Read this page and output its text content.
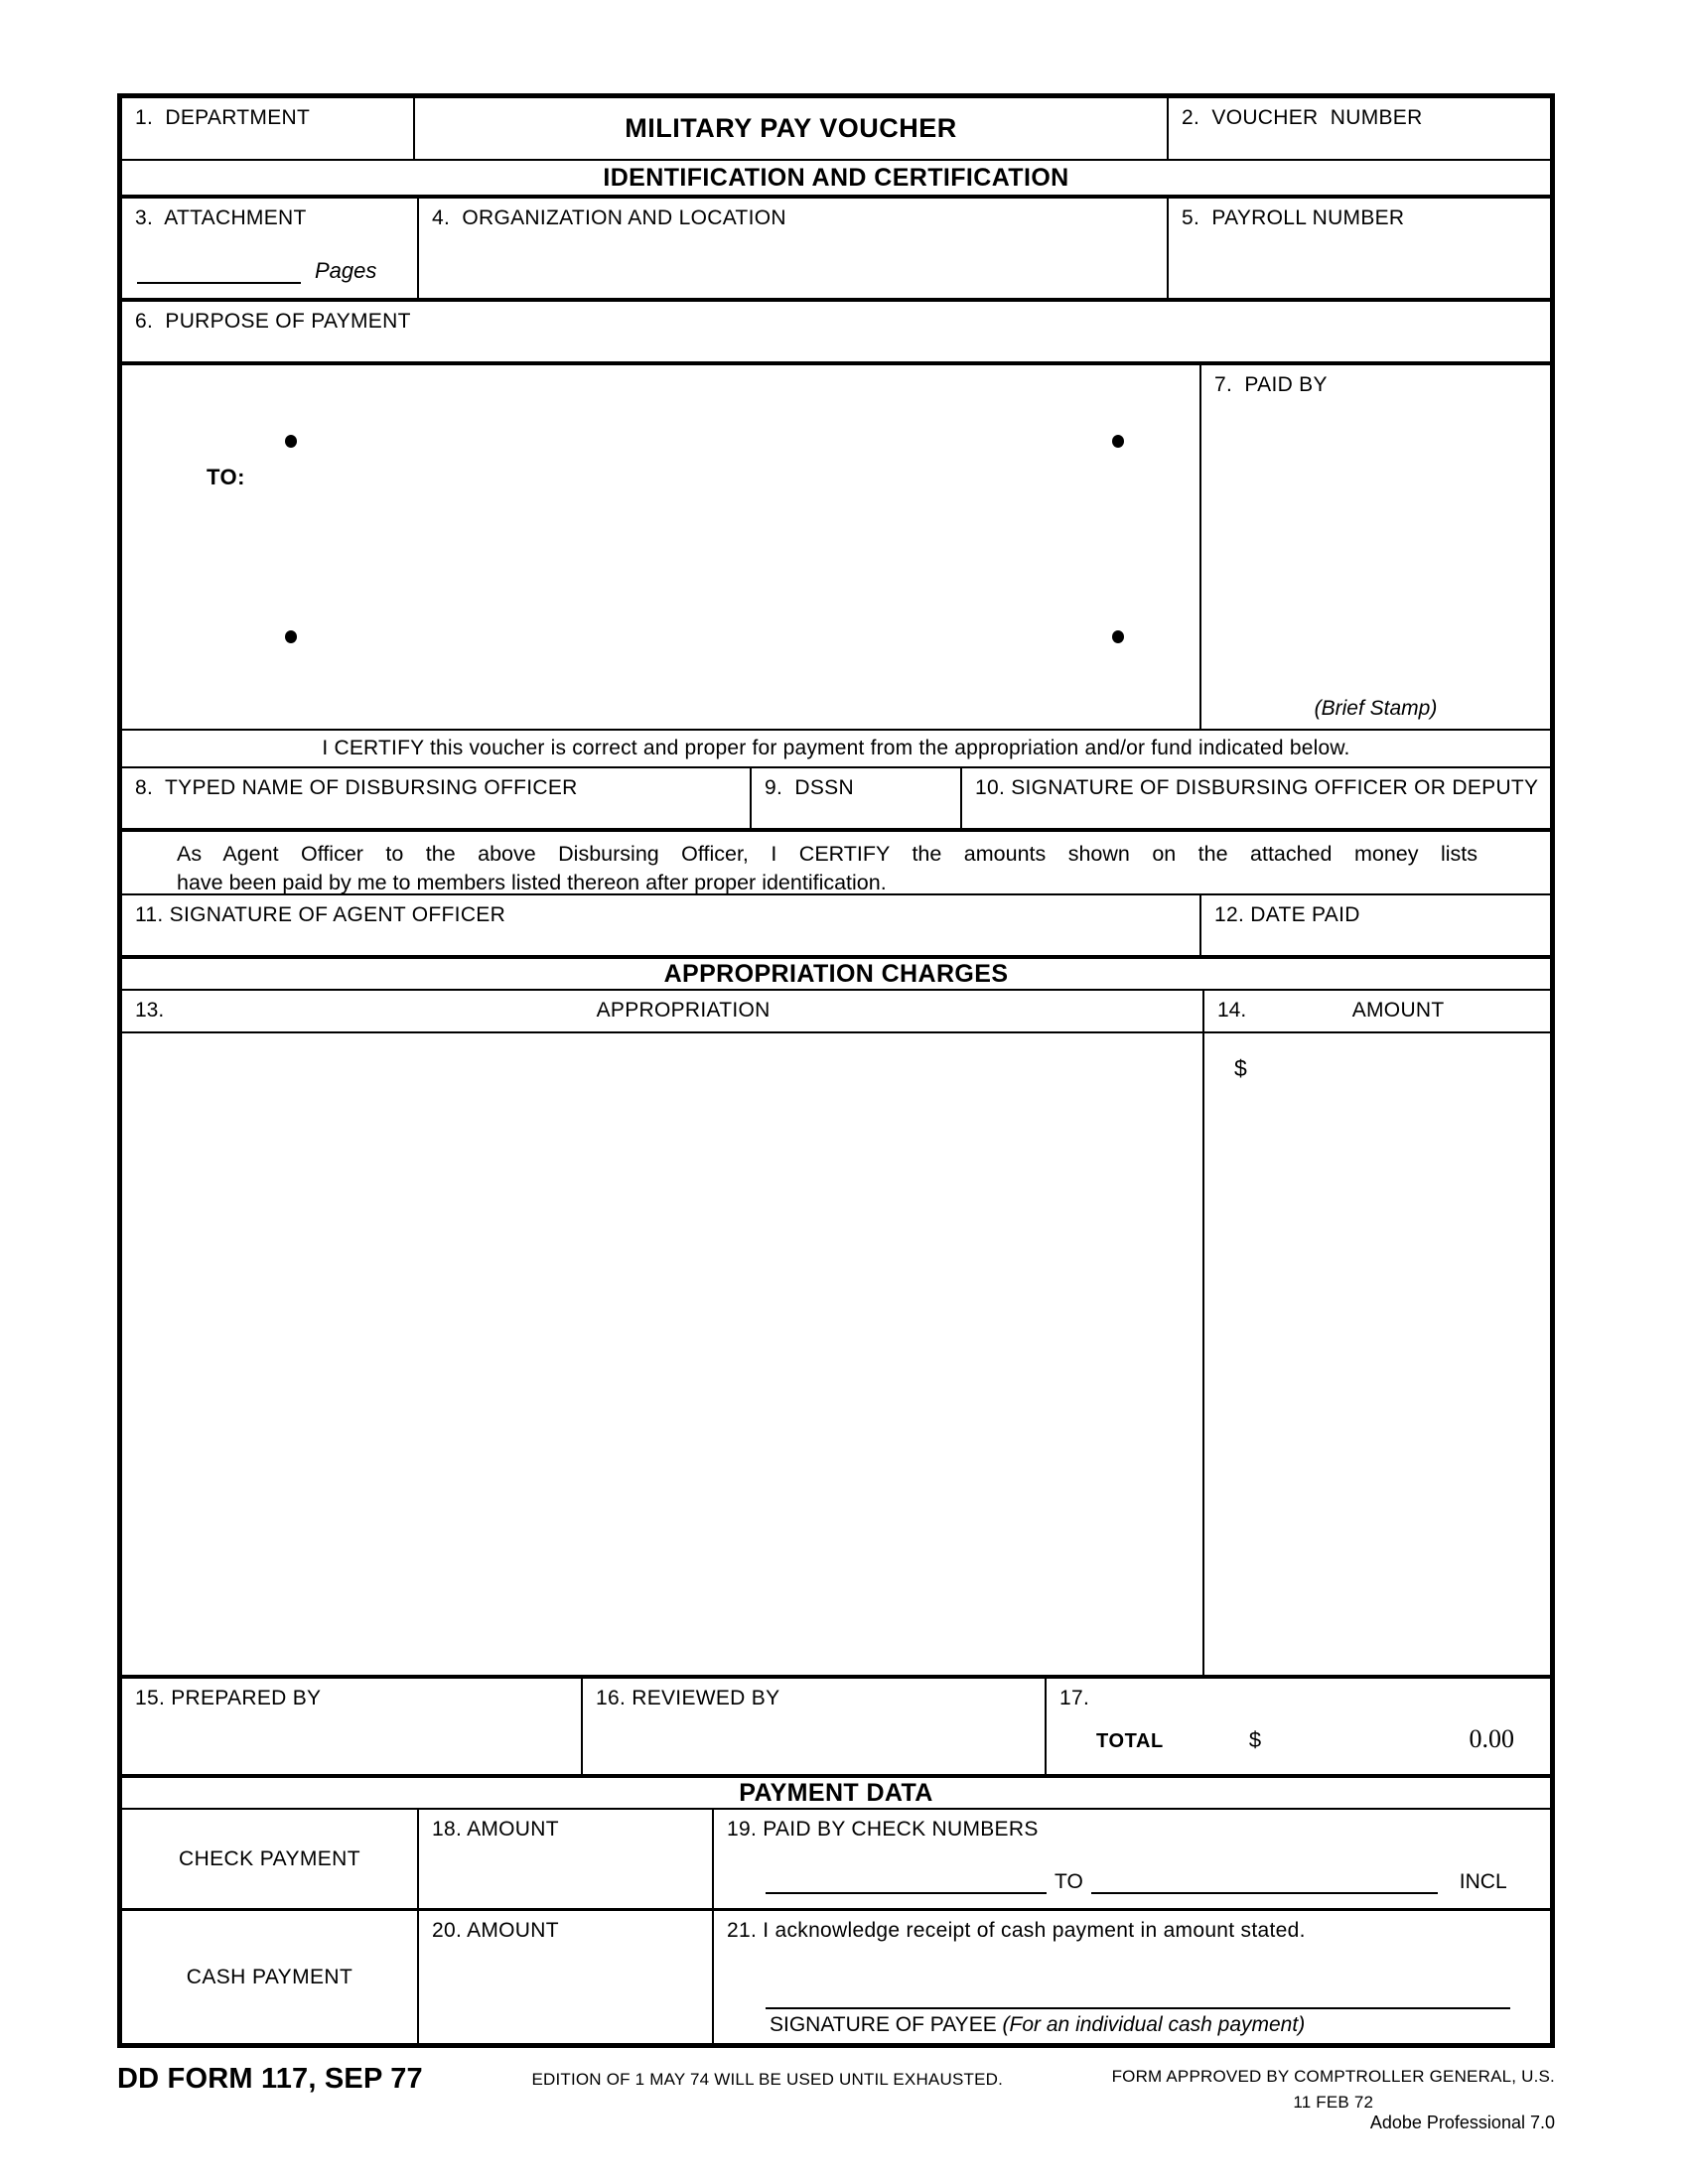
1.  DEPARTMENT	MILITARY PAY VOUCHER	2.  VOUCHER  NUMBER
IDENTIFICATION AND CERTIFICATION
3.  ATTACHMENT
Pages
4.  ORGANIZATION AND LOCATION	5.  PAYROLL NUMBER
6.  PURPOSE OF PAYMENT
TO:
7.  PAID BY
(Brief Stamp)
I CERTIFY this voucher is correct and proper for payment from the appropriation and/or fund indicated below.
8.  TYPED NAME OF DISBURSING OFFICER	9.  DSSN	10. SIGNATURE OF DISBURSING OFFICER OR DEPUTY
As Agent Officer to the above Disbursing Officer, I CERTIFY the amounts shown on the attached money lists
have been paid by me to members listed thereon after proper identification.
11. SIGNATURE OF AGENT OFFICER	12. DATE PAID
APPROPRIATION CHARGES
13.	APPROPRIATION	14.	AMOUNT
$
15. PREPARED BY	16. REVIEWED BY	17.
TOTAL	$	0.00
PAYMENT DATA
CHECK PAYMENT
18. AMOUNT	19. PAID BY CHECK NUMBERS
TO	INCL
CASH PAYMENT
20. AMOUNT	21. I acknowledge receipt of cash payment in amount stated.
SIGNATURE OF PAYEE (For an individual cash payment)
DD FORM 117, SEP 77	EDITION OF 1 MAY 74 WILL BE USED UNTIL EXHAUSTED.	FORM APPROVED BY COMPTROLLER GENERAL, U.S.
11 FEB 72
Adobe Professional 7.0
